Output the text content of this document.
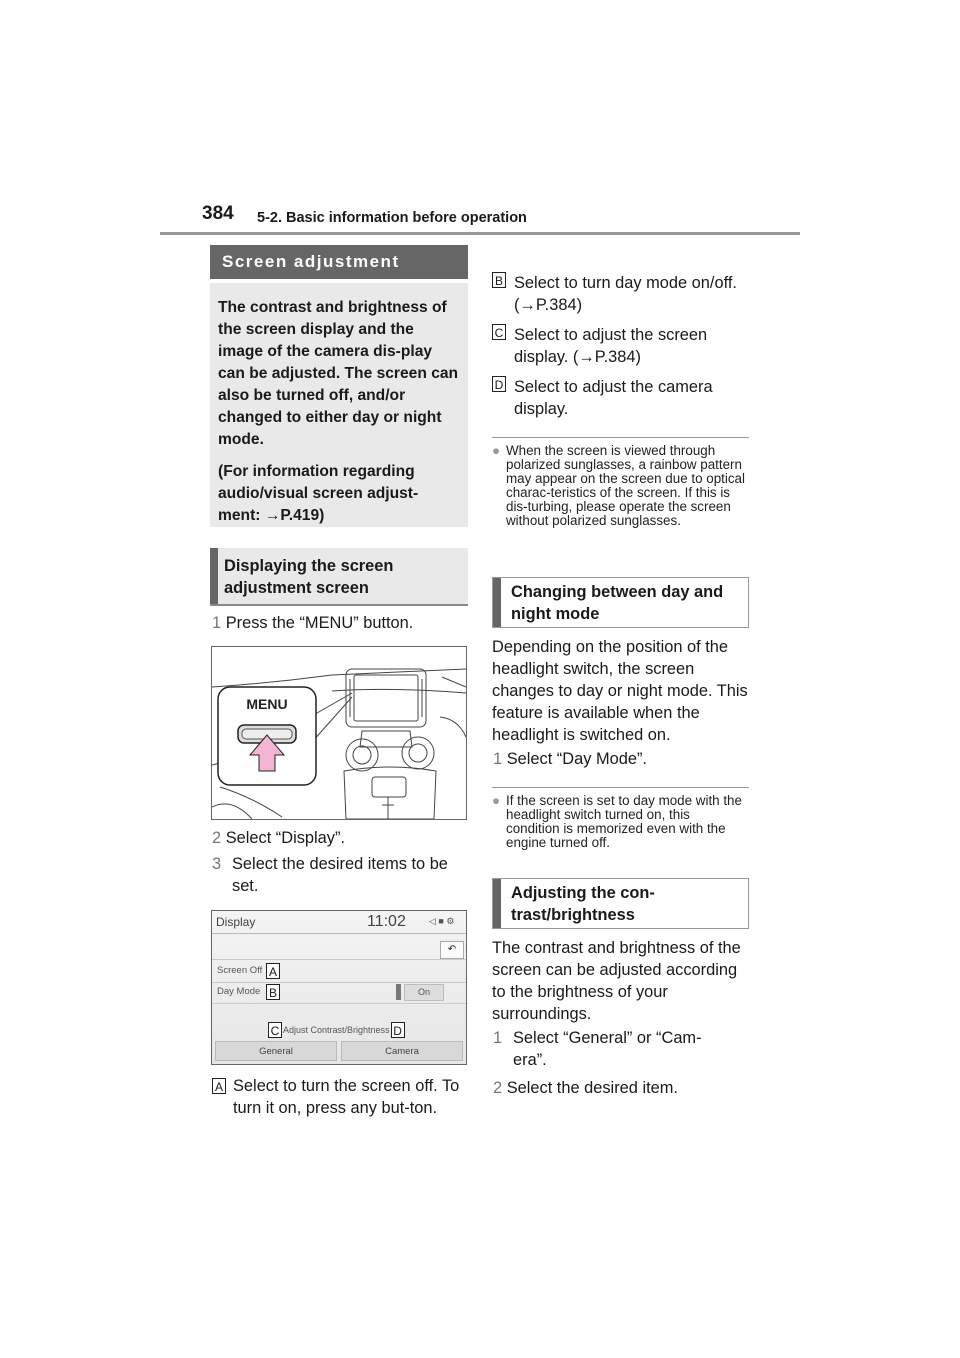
384 5-2. Basic information before operation
Screen adjustment

The contrast and brightness of the screen display and the image of the camera dis-play can be adjusted. The screen can also be turned off, and/or changed to either day or night mode.

(For information regarding audio/visual screen adjust-ment: →P.419)

Displaying the screen adjustment screen
1 Press the “MENU” button.
MENU
2 Select “Display”.
3 Select the desired items to be set.
Display	11:02	◁ ■ ⚙
↶
Screen Off A
Day Mode B	On
C Adjust Contrast/Brightness D
General	Camera
A Select to turn the screen off. To turn it on, press any but-ton.
B Select to turn day mode on/off. (→P.384)
C Select to adjust the screen display. (→P.384)
D Select to adjust the camera display.
● When the screen is viewed through polarized sunglasses, a rainbow pattern may appear on the screen due to optical charac-teristics of the screen. If this is dis-turbing, please operate the screen without polarized sunglasses.
Changing between day and night mode
Depending on the position of the headlight switch, the screen changes to day or night mode. This feature is available when the headlight is switched on.
1 Select “Day Mode”.
● If the screen is set to day mode with the headlight switch turned on, this condition is memorized even with the engine turned off.
Adjusting the con-trast/brightness
The contrast and brightness of the screen can be adjusted according to the brightness of your surroundings.
1 Select “General” or “Cam-era”.
2 Select the desired item.
